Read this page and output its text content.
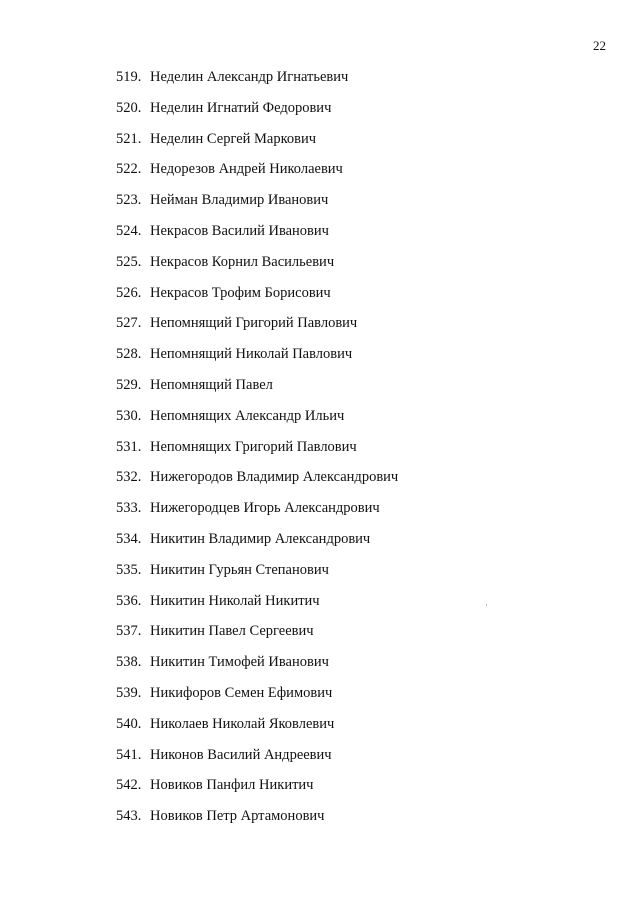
22
519. Неделин Александр Игнатьевич
520. Неделин Игнатий Федорович
521. Неделин Сергей Маркович
522. Недорезов Андрей Николаевич
523. Нейман Владимир Иванович
524. Некрасов Василий Иванович
525. Некрасов Корнил Васильевич
526. Некрасов Трофим Борисович
527. Непомнящий Григорий Павлович
528. Непомнящий Николай Павлович
529. Непомнящий Павел
530. Непомнящих Александр Ильич
531. Непомнящих Григорий Павлович
532. Нижегородов Владимир Александрович
533. Нижегородцев Игорь Александрович
534. Никитин Владимир Александрович
535. Никитин Гурьян Степанович
536. Никитин Николай Никитич
537. Никитин Павел Сергеевич
538. Никитин Тимофей Иванович
539. Никифоров Семен Ефимович
540. Николаев Николай Яковлевич
541. Никонов Василий Андреевич
542. Новиков Панфил Никитич
543. Новиков Петр Артамонович
